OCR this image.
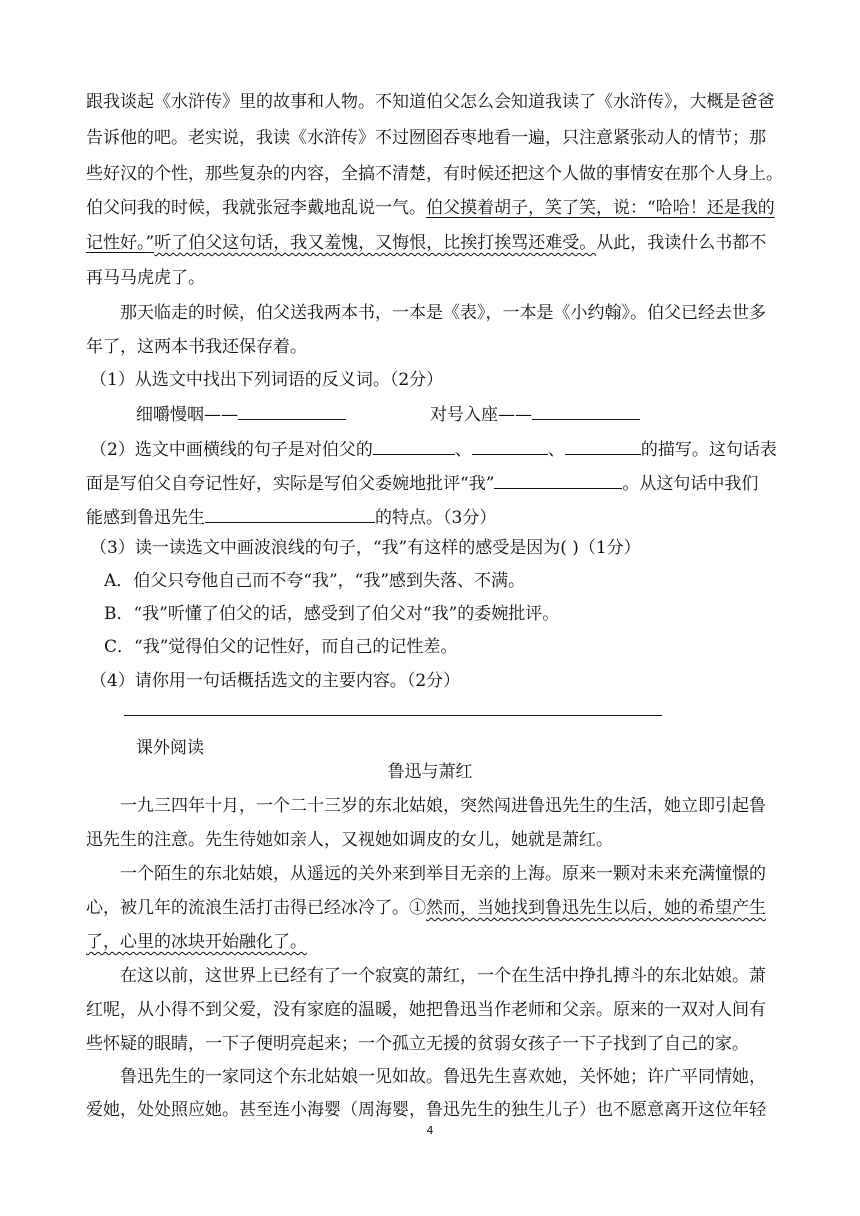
跟我谈起《水浒传》里的故事和人物。不知道伯父怎么会知道我读了《水浒传》，大概是爸爸
告诉他的吧。老实说，我读《水浒传》不过囫囵吞枣地看一遍，只注意紧张动人的情节；那
些好汉的个性，那些复杂的内容，全搞不清楚，有时候还把这个人做的事情安在那个人身上。
伯父问我的时候，我就张冠李戴地乱说一气。伯父摸着胡子，笑了笑，说：“哈哈！还是我的
记性好。”听了伯父这句话，我又羞愧，又悔恨，比挨打挨骂还难受。从此，我读什么书都不
再马马虎虎了。
那天临走的时候，伯父送我两本书，一本是《表》，一本是《小约翰》。伯父已经去世多
年了，这两本书我还保存着。
（1）从选文中找出下列词语的反义词。（2分）
细嚼慢咽——	对号入座——
（2）选文中画横线的句子是对伯父的	、	、	的描写。这句话表
面是写伯父自夸记性好，实际是写伯父委婉地批评“我”	。从这句话中我们
能感到鲁迅先生	的特点。（3分）
（3）读一读选文中画波浪线的句子，“我”有这样的感受是因为( )（1分）
A．伯父只夸他自己而不夸“我”，“我”感到失落、不满。
B．“我”听懂了伯父的话，感受到了伯父对“我”的委婉批评。
C．“我”觉得伯父的记性好，而自己的记性差。
（4）请你用一句话概括选文的主要内容。（2分）
课外阅读
鲁迅与萧红
一九三四年十月，一个二十三岁的东北姑娘，突然闯进鲁迅先生的生活，她立即引起鲁
迅先生的注意。先生待她如亲人，又视她如调皮的女儿，她就是萧红。
一个陌生的东北姑娘，从遥远的关外来到举目无亲的上海。原来一颗对未来充满憧憬的
心，被几年的流浪生活打击得已经冰冷了。①然而，当她找到鲁迅先生以后，她的希望产生
了，心里的冰块开始融化了。
在这以前，这世界上已经有了一个寂寞的萧红，一个在生活中挣扎搏斗的东北姑娘。萧
红呢，从小得不到父爱，没有家庭的温暖，她把鲁迅当作老师和父亲。原来的一双对人间有
些怀疑的眼睛，一下子便明亮起来；一个孤立无援的贫弱女孩子一下子找到了自己的家。
鲁迅先生的一家同这个东北姑娘一见如故。鲁迅先生喜欢她，关怀她；许广平同情她，
爱她，处处照应她。甚至连小海婴（周海婴，鲁迅先生的独生儿子）也不愿意离开这位年轻
4
